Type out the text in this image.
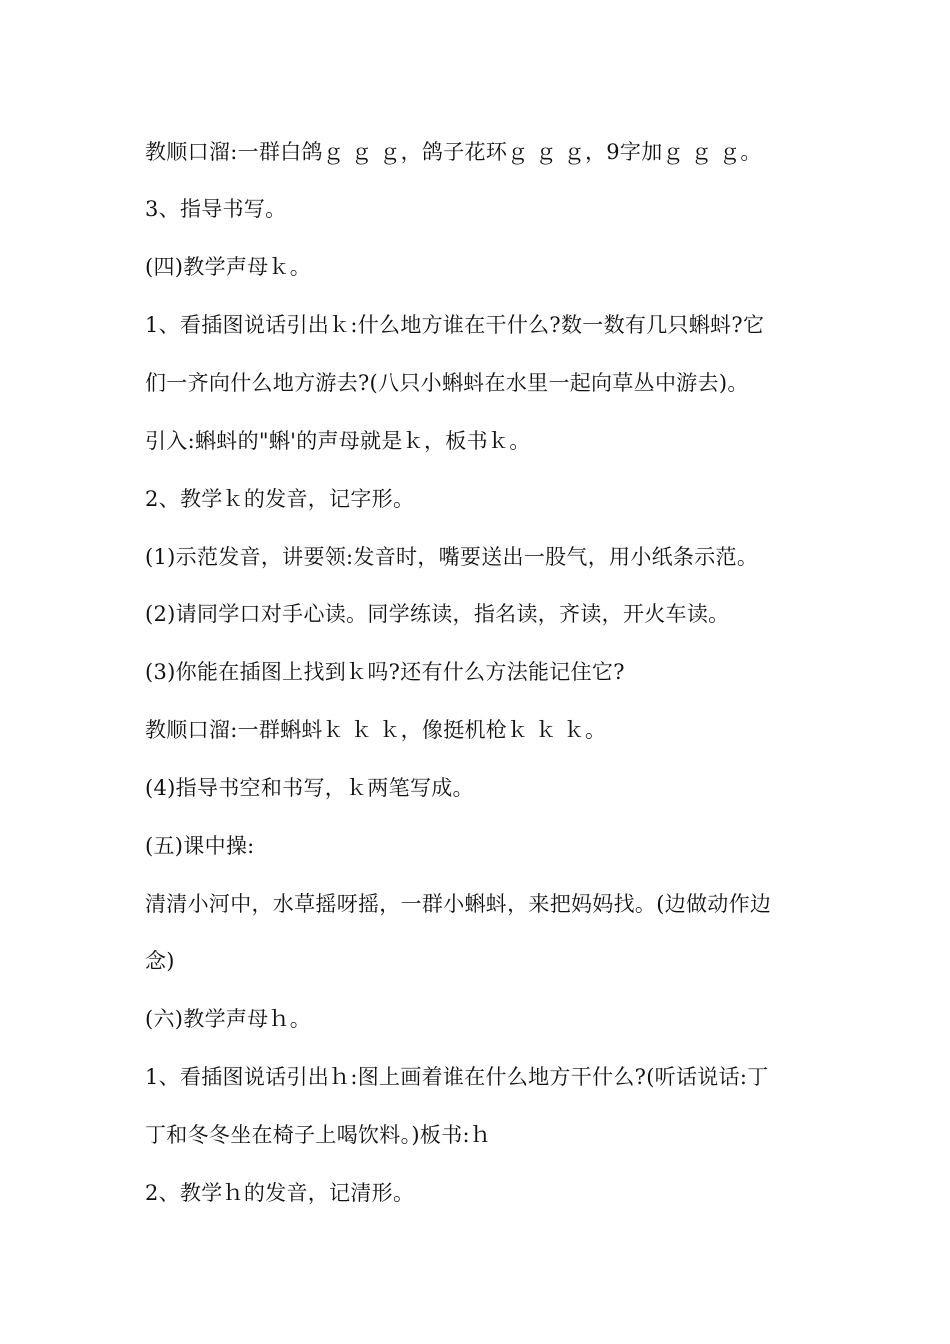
教顺口溜:一群白鸽ｇ ｇ ｇ，鸽子花环ｇ ｇ ｇ，9字加ｇ ｇ ｇ。
3、指导书写。
(四)教学声母ｋ。
1、看插图说话引出ｋ:什么地方谁在干什么?数一数有几只蝌蚪?它
们一齐向什么地方游去?(八只小蝌蚪在水里一起向草丛中游去)。
引入:蝌蚪的"蝌'的声母就是ｋ，板书ｋ。
2、教学ｋ的发音，记字形。
(1)示范发音，讲要领:发音时，嘴要送出一股气，用小纸条示范。
(2)请同学口对手心读。同学练读，指名读，齐读，开火车读。
(3)你能在插图上找到ｋ吗?还有什么方法能记住它?
教顺口溜:一群蝌蚪ｋ ｋ ｋ，像挺机枪ｋ ｋ ｋ。
(4)指导书空和书写，ｋ两笔写成。
(五)课中操:
清清小河中，水草摇呀摇，一群小蝌蚪，来把妈妈找。(边做动作边
念)
(六)教学声母ｈ。
1、看插图说话引出ｈ:图上画着谁在什么地方干什么?(听话说话:丁
丁和冬冬坐在椅子上喝饮料。)板书:ｈ
2、教学ｈ的发音，记清形。
